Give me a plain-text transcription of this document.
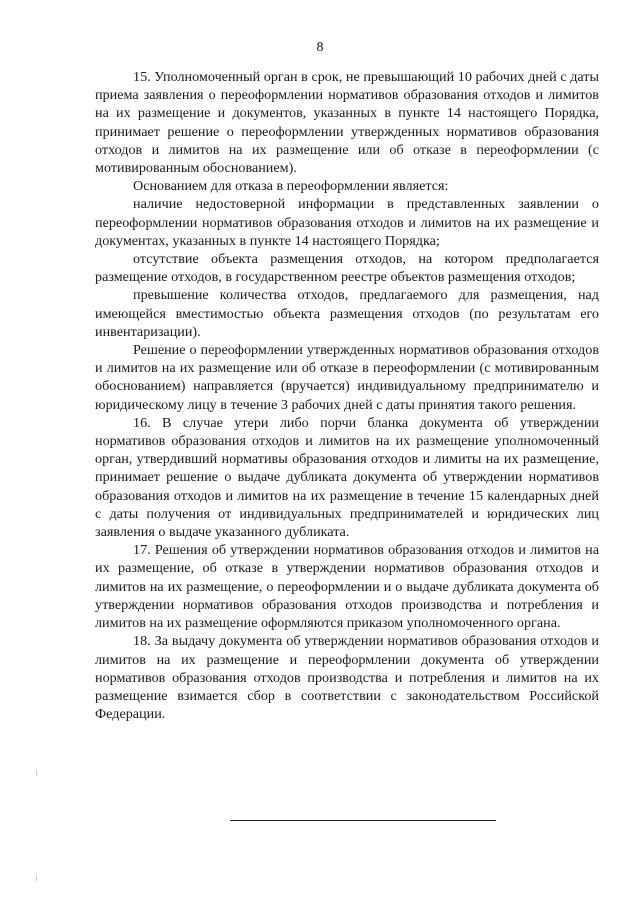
8

15. Уполномоченный орган в срок, не превышающий 10 рабочих дней с даты приема заявления о переоформлении нормативов образования отходов и лимитов на их размещение и документов, указанных в пункте 14 настоящего Порядка, принимает решение о переоформлении утвержденных нормативов образования отходов и лимитов на их размещение или об отказе в переоформлении (с мотивированным обоснованием).

Основанием для отказа в переоформлении является:

наличие недостоверной информации в представленных заявлении о переоформлении нормативов образования отходов и лимитов на их размещение и документах, указанных в пункте 14 настоящего Порядка;

отсутствие объекта размещения отходов, на котором предполагается размещение отходов, в государственном реестре объектов размещения отходов;

превышение количества отходов, предлагаемого для размещения, над имеющейся вместимостью объекта размещения отходов (по результатам его инвентаризации).

Решение о переоформлении утвержденных нормативов образования отходов и лимитов на их размещение или об отказе в переоформлении (с мотивированным обоснованием) направляется (вручается) индивидуальному предпринимателю и юридическому лицу в течение 3 рабочих дней с даты принятия такого решения.

16. В случае утери либо порчи бланка документа об утверждении нормативов образования отходов и лимитов на их размещение уполномоченный орган, утвердивший нормативы образования отходов и лимиты на их размещение, принимает решение о выдаче дубликата документа об утверждении нормативов образования отходов и лимитов на их размещение в течение 15 календарных дней с даты получения от индивидуальных предпринимателей и юридических лиц заявления о выдаче указанного дубликата.

17. Решения об утверждении нормативов образования отходов и лимитов на их размещение, об отказе в утверждении нормативов образования отходов и лимитов на их размещение, о переоформлении и о выдаче дубликата документа об утверждении нормативов образования отходов производства и потребления и лимитов на их размещение оформляются приказом уполномоченного органа.

18. За выдачу документа об утверждении нормативов образования отходов и лимитов на их размещение и переоформлении документа об утверждении нормативов образования отходов производства и потребления и лимитов на их размещение взимается сбор в соответствии с законодательством Российской Федерации.
